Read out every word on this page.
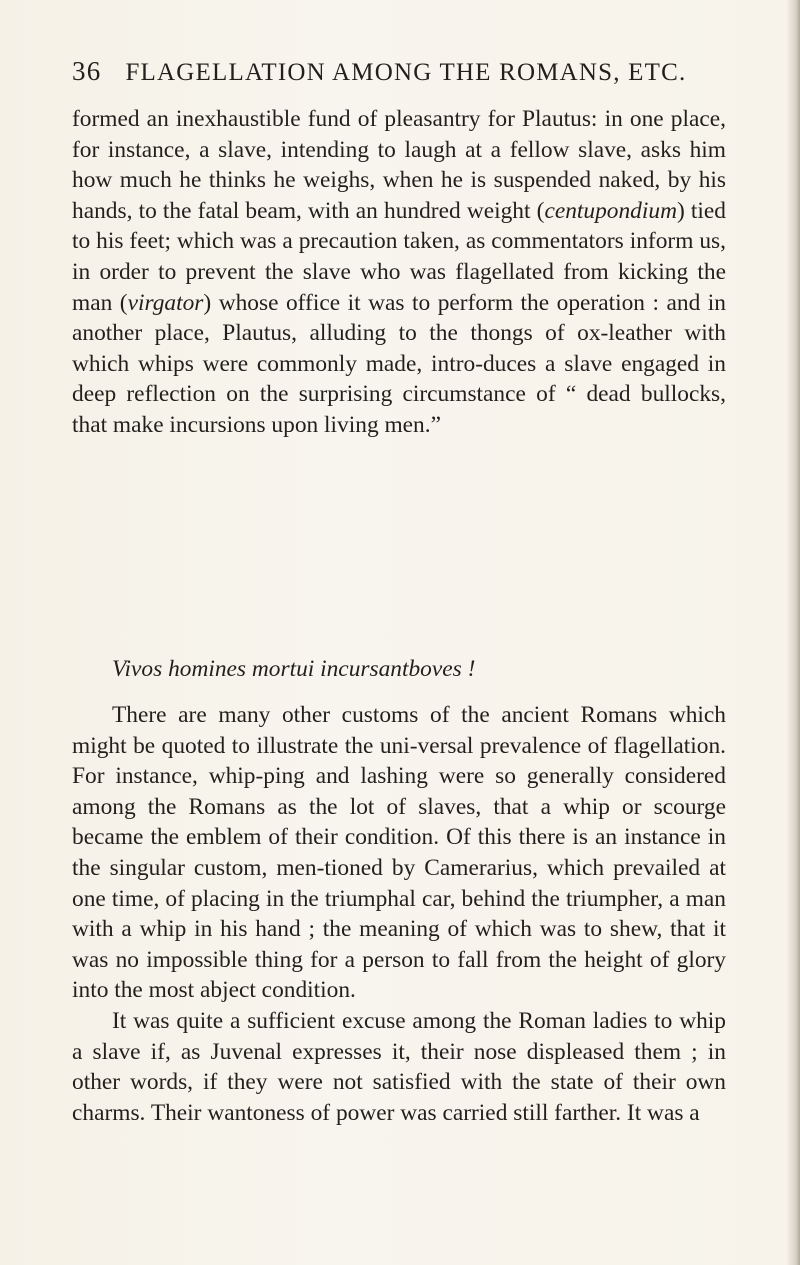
36 FLAGELLATION AMONG THE ROMANS, ETC.

formed an inexhaustible fund of pleasantry for Plautus: in one place, for instance, a slave, intending to laugh at a fellow slave, asks him how much he thinks he weighs, when he is suspended naked, by his hands, to the fatal beam, with an hundred weight (centupondium) tied to his feet; which was a precaution taken, as commentators inform us, in order to prevent the slave who was flagellated from kicking the man (virgator) whose office it was to perform the operation : and in another place, Plautus, alluding to the thongs of ox-leather with which whips were commonly made, intro-duces a slave engaged in deep reflection on the surprising circumstance of “ dead bullocks, that make incursions upon living men.”

Vivos homines mortui incursantboves !

There are many other customs of the ancient Romans which might be quoted to illustrate the uni-versal prevalence of flagellation. For instance, whip-ping and lashing were so generally considered among the Romans as the lot of slaves, that a whip or scourge became the emblem of their condition. Of this there is an instance in the singular custom, men-tioned by Camerarius, which prevailed at one time, of placing in the triumphal car, behind the triumpher, a man with a whip in his hand ; the meaning of which was to shew, that it was no impossible thing for a person to fall from the height of glory into the most abject condition.

It was quite a sufficient excuse among the Roman ladies to whip a slave if, as Juvenal expresses it, their nose displeased them ; in other words, if they were not satisfied with the state of their own charms. Their wantoness of power was carried still farther. It was a
